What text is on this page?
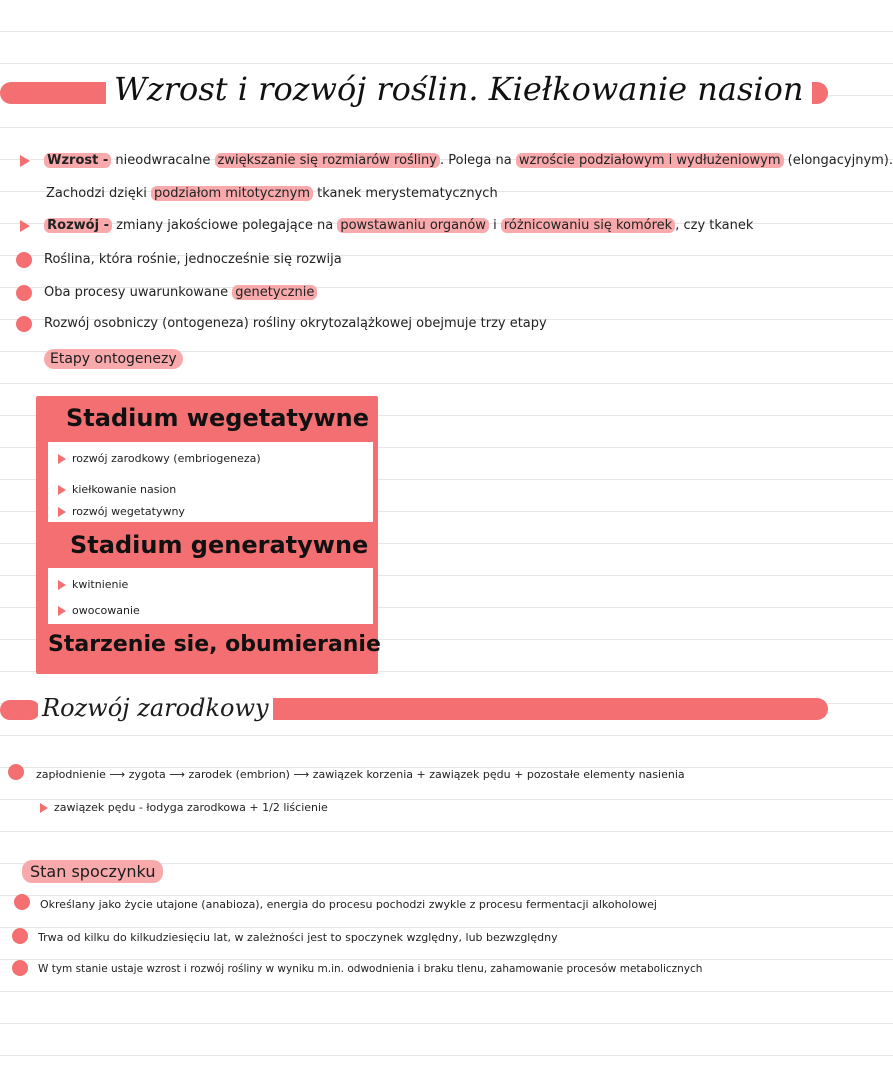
Wzrost i rozwój roślin. Kiełkowanie nasion
Wzrost - nieodwracalne zwiększanie się rozmiarów rośliny . Polega na wzroście podziałowym i wydłużeniowym (elongacyjnym).
Zachodzi dzięki podziałom mitotycznym tkanek merystematycznych
Rozwój - zmiany jakościowe polegające na powstawaniu organów i różnicowaniu się komórek , czy tkanek
Roślina, która rośnie, jednocześnie się rozwija
Oba procesy uwarunkowane genetycznie
Rozwój osobniczy (ontogeneza) rośliny okrytozalążkowej obejmuje trzy etapy
Etapy ontogenezy
Stadium wegetatywne
rozwój zarodkowy (embriogeneza)
kiełkowanie nasion
rozwój wegetatywny
Stadium generatywne
kwitnienie
owocowanie
Starzenie sie, obumieranie
Rozwój zarodkowy
zapłodnienie ⟶ zygota ⟶ zarodek (embrion) ⟶ zawiązek korzenia + zawiązek pędu + pozostałe elementy nasienia
zawiązek pędu - łodyga zarodkowa + 1/2 liścienie
Stan spoczynku
Określany jako życie utajone (anabioza), energia do procesu pochodzi zwykle z procesu fermentacji alkoholowej
Trwa od kilku do kilkudziesięciu lat, w zależności jest to spoczynek względny, lub bezwzględny
W tym stanie ustaje wzrost i rozwój rośliny w wyniku m.in. odwodnienia i braku tlenu, zahamowanie procesów metabolicznych
